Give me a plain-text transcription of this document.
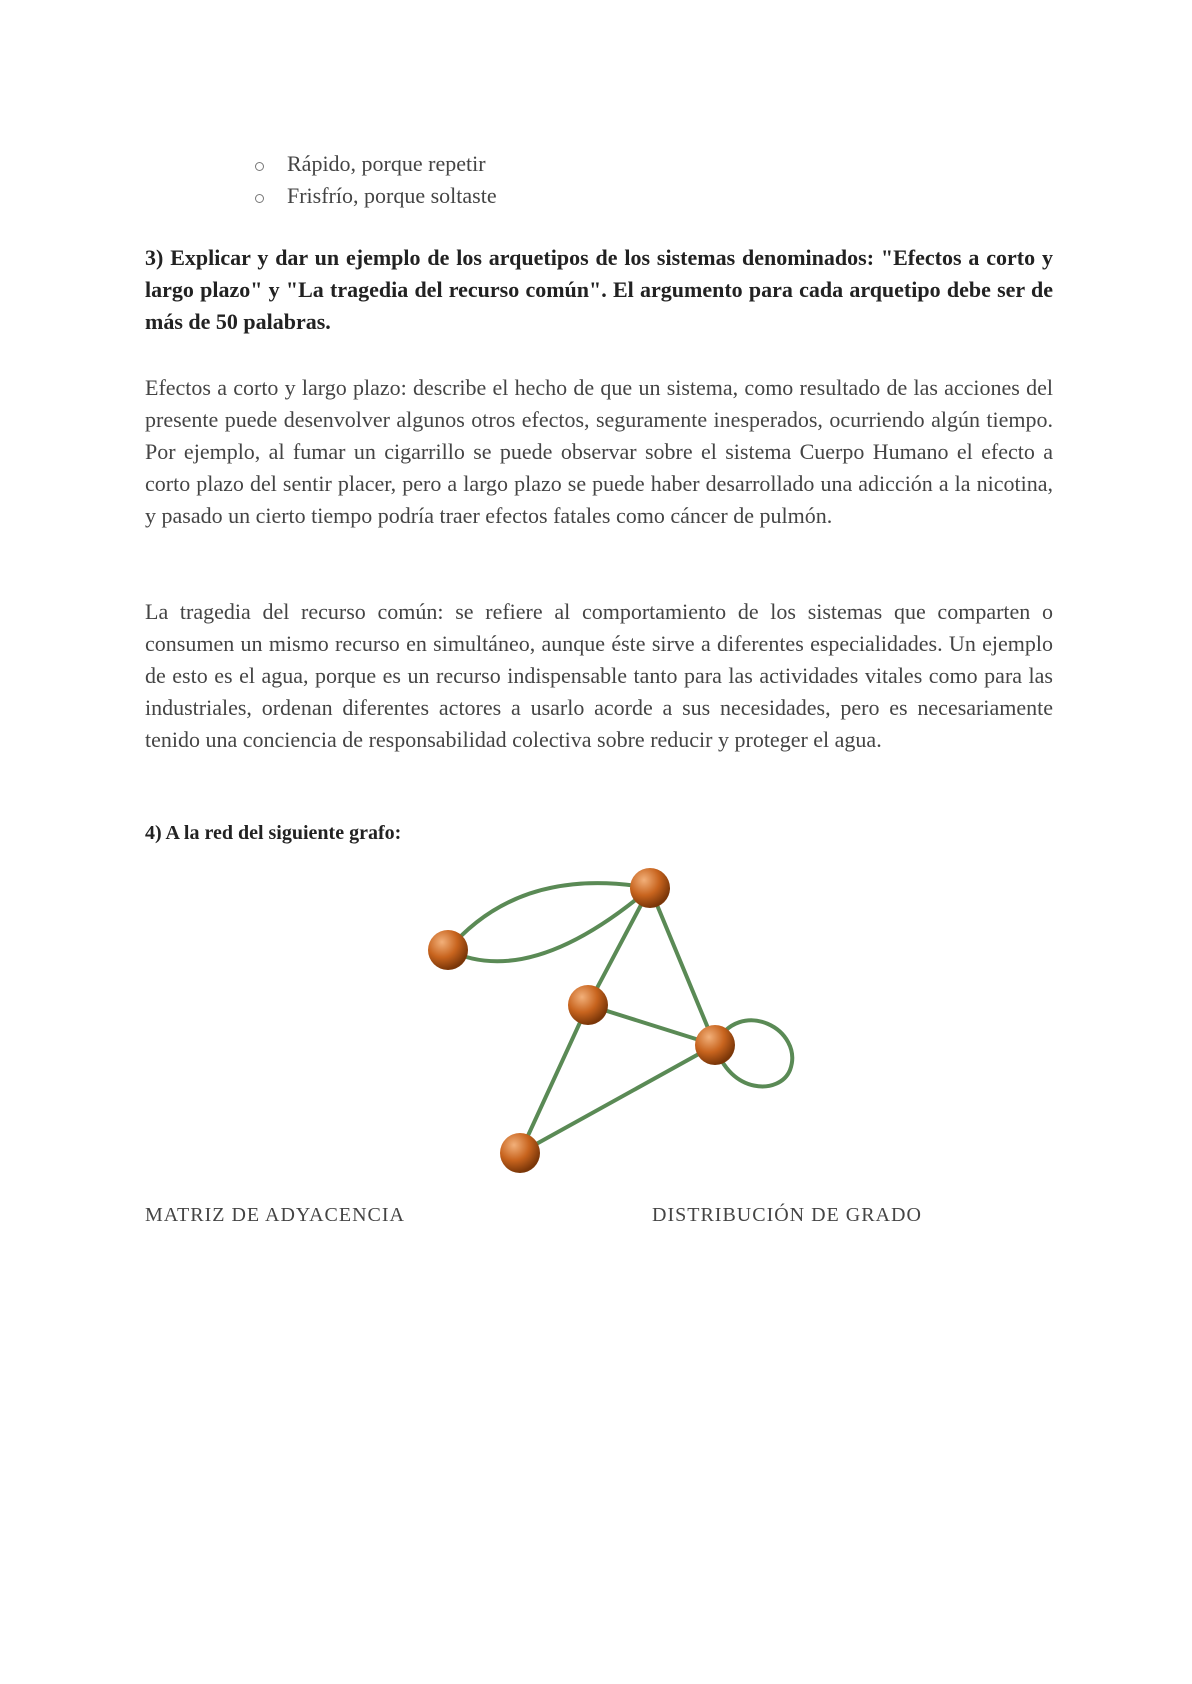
Rápido, porque repetir
Frisfrío, porque soltaste

3) Explicar y dar un ejemplo de los arquetipos de los sistemas denominados: "Efectos a corto y largo plazo" y "La tragedia del recurso común". El argumento para cada arquetipo debe ser de más de 50 palabras.

Efectos a corto y largo plazo: describe el hecho de que un sistema, como resultado de las acciones del presente puede desenvolver algunos otros efectos, seguramente inesperados, ocurriendo algún tiempo. Por ejemplo, al fumar un cigarrillo se puede observar sobre el sistema Cuerpo Humano el efecto a corto plazo del sentir placer, pero a largo plazo se puede haber desarrollado una adicción a la nicotina, y pasado un cierto tiempo podría traer efectos fatales como cáncer de pulmón.

La tragedia del recurso común: se refiere al comportamiento de los sistemas que comparten o consumen un mismo recurso en simultáneo, aunque éste sirve a diferentes especialidades. Un ejemplo de esto es el agua, porque es un recurso indispensable tanto para las actividades vitales como para las industriales, ordenan diferentes actores a usarlo acorde a sus necesidades, pero es necesariamente tenido una conciencia de responsabilidad colectiva sobre reducir y proteger el agua.

4) A la red del siguiente grafo:

MATRIZ DE ADYACENCIA	DISTRIBUCIÓN DE GRADO
